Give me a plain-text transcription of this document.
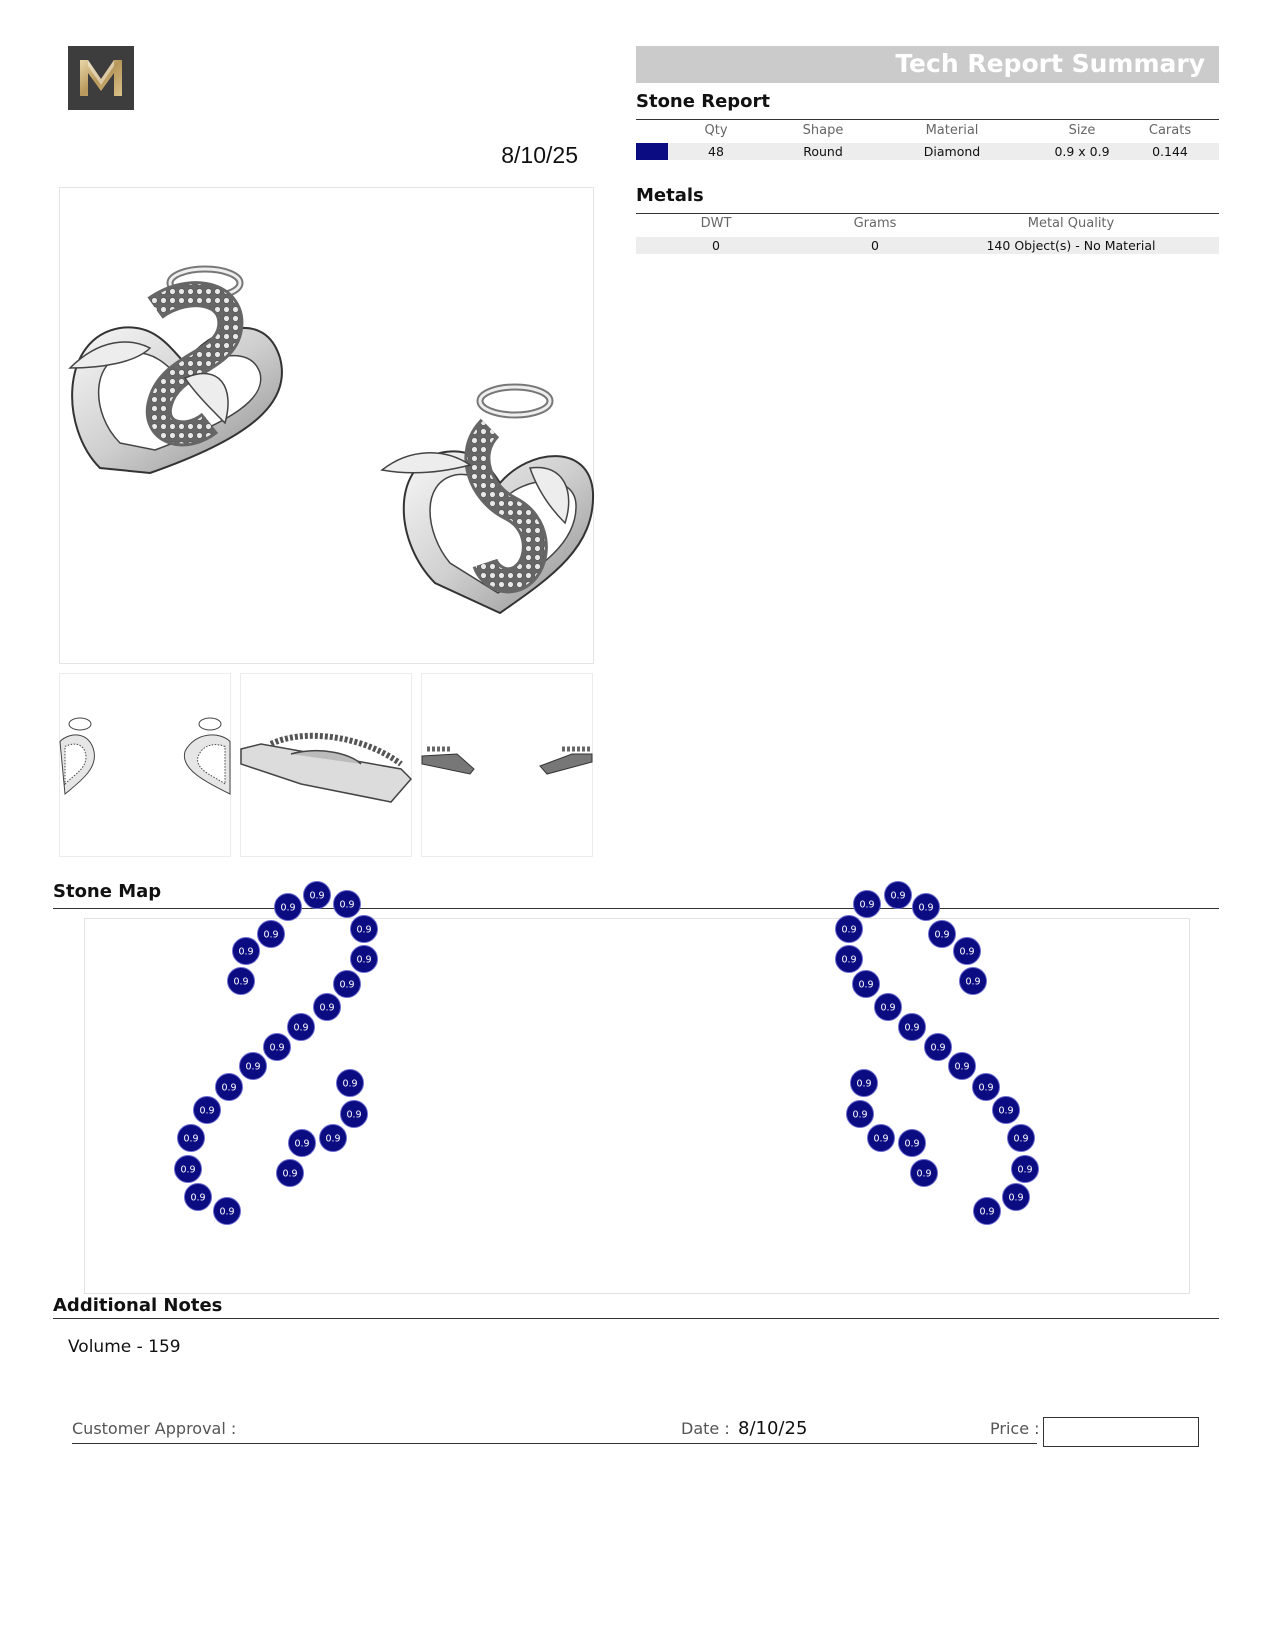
8/10/25
Tech Report Summary
Stone Report
Qty	Shape	Material	Size	Carats
48	Round	Diamond	0.9 x 0.9	0.144
Metals
DWT	Grams	Metal Quality
0	0	140 Object(s) - No Material
Stone Map	0.9
0.9
0.9
0.9
0.9
0.9
0.9
0.9	0.9
0.9
0.9
0.9
0.9
0.9	0.9
0.9
0.9
0.9	0.9
0.9
0.9	0.9
0.9
0.9
0.9
0.9	0.9
0.9	0.9
0.9
0.9
0.9
0.9
0.9
0.9
0.9
0.9
0.9
0.9
0.9	0.9
0.9
0.9 0.9
0.9
0.9
0.9
0.9
Additional Notes
Volume - 159
Customer Approval :	Date : 8/10/25	Price :
